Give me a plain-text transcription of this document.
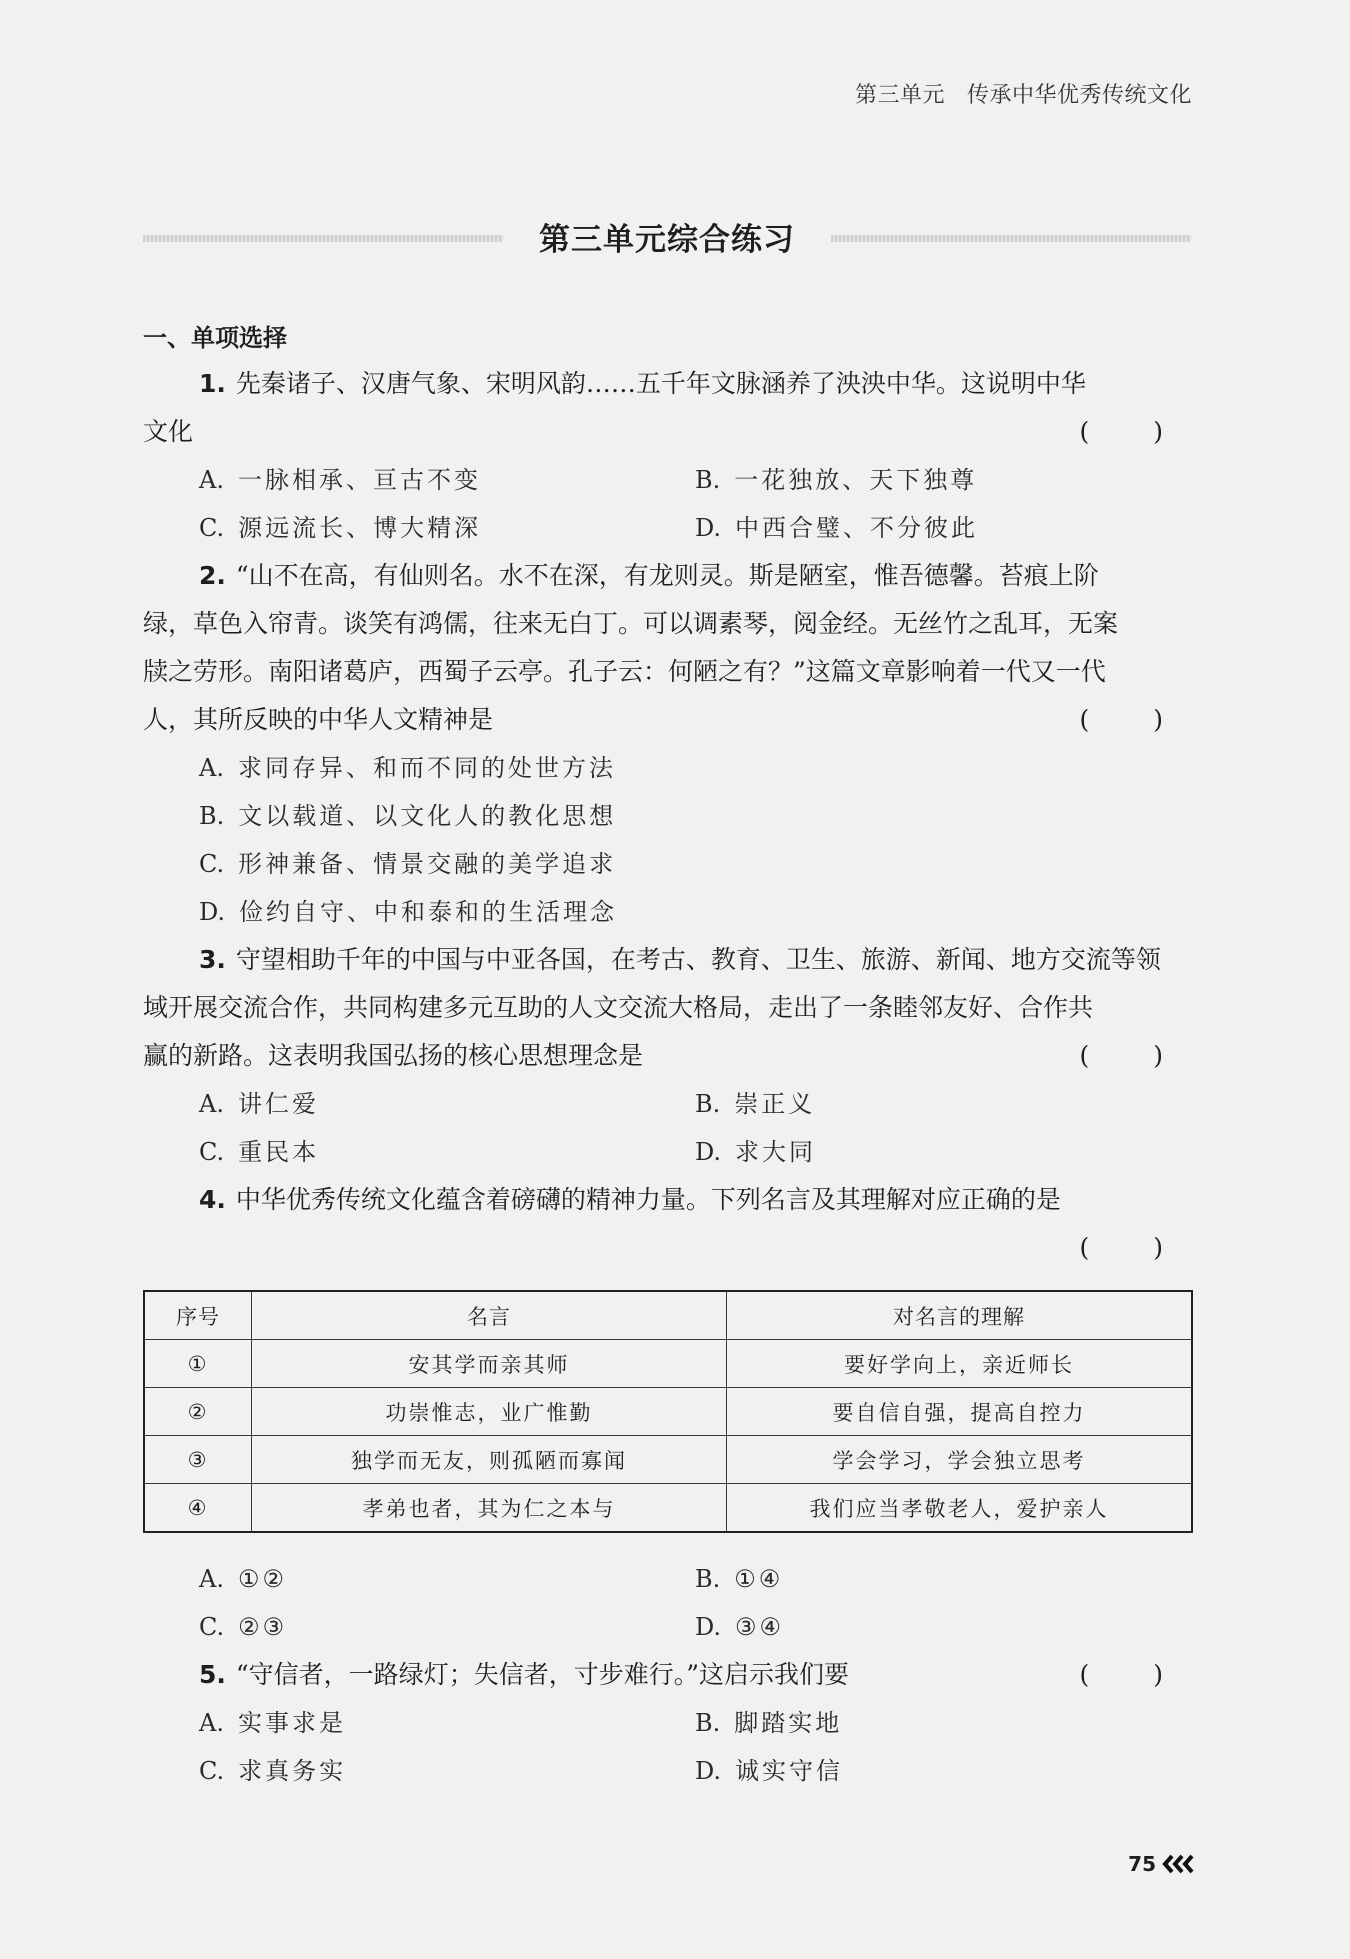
第三单元 传承中华优秀传统文化
第三单元综合练习
一、单项选择
1. 先秦诸子、汉唐气象、宋明风韵……五千年文脉涵养了泱泱中华。这说明中华
文化	( )
A. 一脉相承、亘古不变	B. 一花独放、天下独尊
C. 源远流长、博大精深	D. 中西合璧、不分彼此
2. “山不在高，有仙则名。水不在深，有龙则灵。斯是陋室，惟吾德馨。苔痕上阶
绿，草色入帘青。谈笑有鸿儒，往来无白丁。可以调素琴，阅金经。无丝竹之乱耳，无案
牍之劳形。南阳诸葛庐，西蜀子云亭。孔子云：何陋之有？”这篇文章影响着一代又一代
人，其所反映的中华人文精神是	( )
A. 求同存异、和而不同的处世方法
B. 文以载道、以文化人的教化思想
C. 形神兼备、情景交融的美学追求
D. 俭约自守、中和泰和的生活理念
3. 守望相助千年的中国与中亚各国，在考古、教育、卫生、旅游、新闻、地方交流等领
域开展交流合作，共同构建多元互助的人文交流大格局，走出了一条睦邻友好、合作共
赢的新路。这表明我国弘扬的核心思想理念是	( )
A. 讲仁爱	B. 崇正义
C. 重民本	D. 求大同
4. 中华优秀传统文化蕴含着磅礴的精神力量。下列名言及其理解对应正确的是
( )
序号	名言	对名言的理解
①	安其学而亲其师	要好学向上，亲近师长
②	功崇惟志，业广惟勤	要自信自强，提高自控力
③	独学而无友，则孤陋而寡闻	学会学习，学会独立思考
④	孝弟也者，其为仁之本与	我们应当孝敬老人，爱护亲人
A. ①②	B. ①④
C. ②③	D. ③④
5. “守信者，一路绿灯；失信者，寸步难行。”这启示我们要	( )
A. 实事求是	B. 脚踏实地
C. 求真务实	D. 诚实守信
75
